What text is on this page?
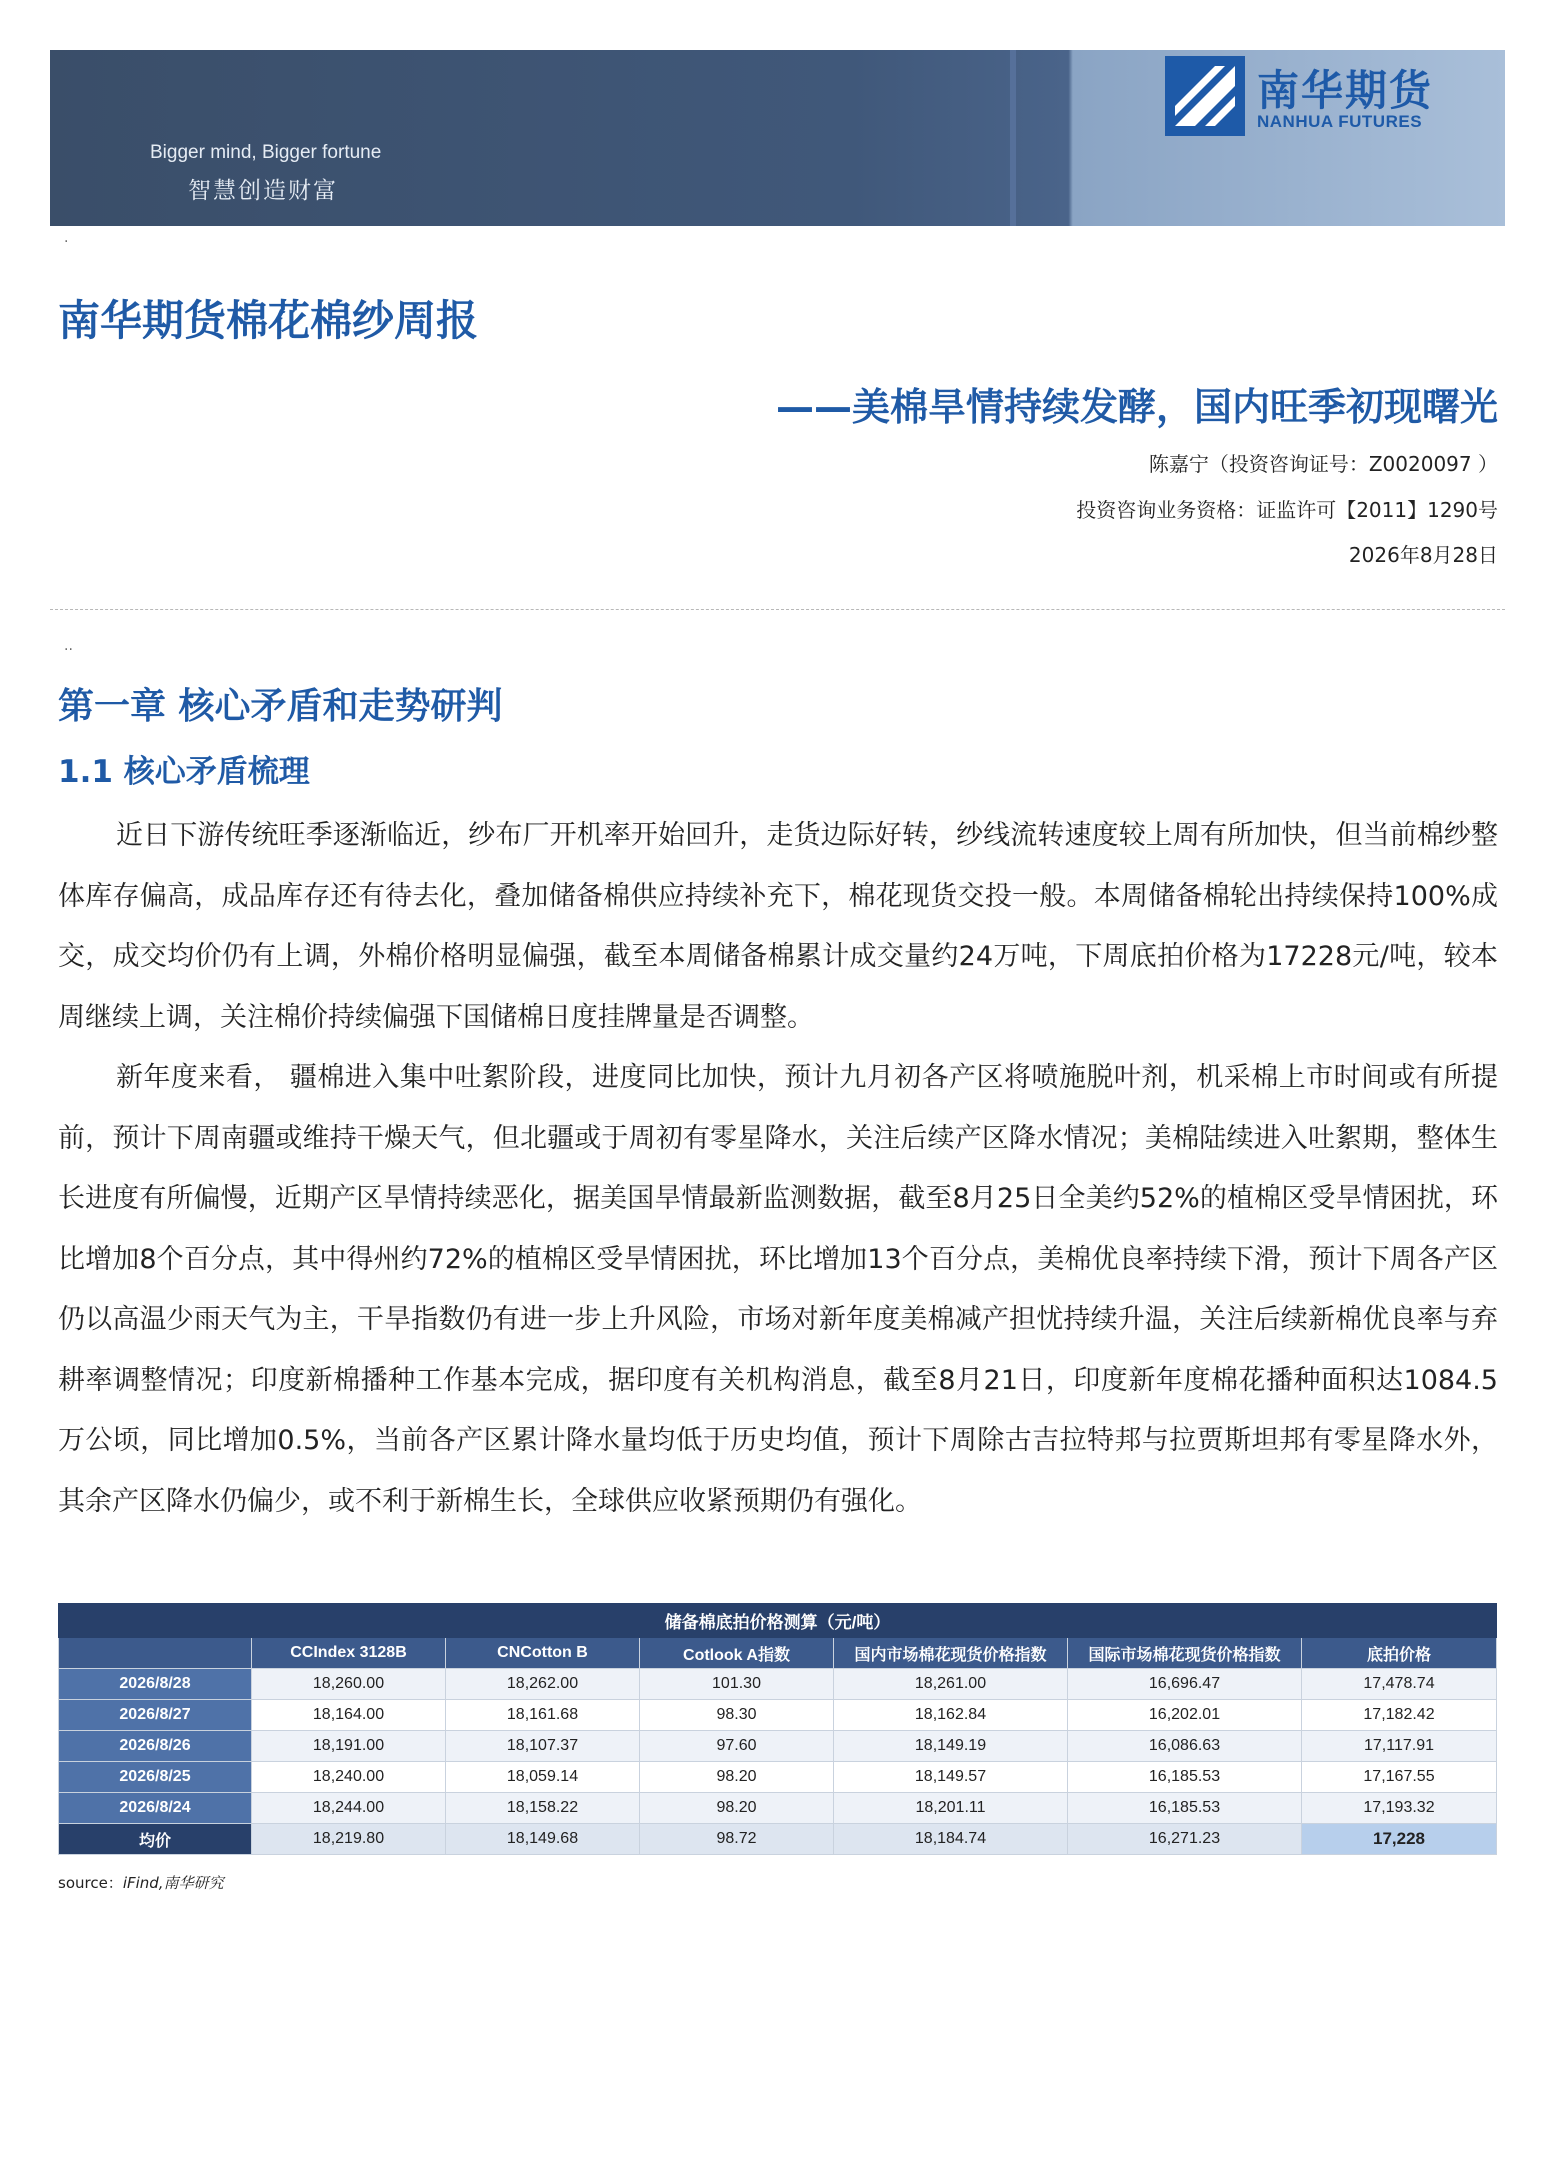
Bigger mind, Bigger fortune
智慧创造财富
南华期货
NANHUA FUTURES
.
南华期货棉花棉纱周报
——美棉旱情持续发酵，国内旺季初现曙光
陈嘉宁（投资咨询证号：Z0020097 ）
投资咨询业务资格：证监许可【2011】1290号
2026年8月28日
..
第一章 核心矛盾和走势研判
1.1 核心矛盾梳理

近日下游传统旺季逐渐临近，纱布厂开机率开始回升，走货边际好转，纱线流转速度较上周有所加快，但当前棉纱整体库存偏高，成品库存还有待去化，叠加储备棉供应持续补充下，棉花现货交投一般。本周储备棉轮出持续保持100%成交，成交均价仍有上调，外棉价格明显偏强，截至本周储备棉累计成交量约24万吨，下周底拍价格为17228元/吨，较本周继续上调，关注棉价持续偏强下国储棉日度挂牌量是否调整。

新年度来看， 疆棉进入集中吐絮阶段，进度同比加快，预计九月初各产区将喷施脱叶剂，机采棉上市时间或有所提前，预计下周南疆或维持干燥天气，但北疆或于周初有零星降水，关注后续产区降水情况；美棉陆续进入吐絮期，整体生长进度有所偏慢，近期产区旱情持续恶化，据美国旱情最新监测数据，截至8月25日全美约52%的植棉区受旱情困扰，环比增加8个百分点，其中得州约72%的植棉区受旱情困扰，环比增加13个百分点，美棉优良率持续下滑，预计下周各产区仍以高温少雨天气为主，干旱指数仍有进一步上升风险，市场对新年度美棉减产担忧持续升温，关注后续新棉优良率与弃耕率调整情况；印度新棉播种工作基本完成，据印度有关机构消息，截至8月21日，印度新年度棉花播种面积达1084.5万公顷，同比增加0.5%，当前各产区累计降水量均低于历史均值，预计下周除古吉拉特邦与拉贾斯坦邦有零星降水外，其余产区降水仍偏少，或不利于新棉生长，全球供应收紧预期仍有强化。

储备棉底拍价格测算（元/吨）						
	CCIndex 3128B	CNCotton B	Cotlook A指数	国内市场棉花现货价格指数	国际市场棉花现货价格指数	底拍价格
2026/8/28	18,260.00	18,262.00	101.30	18,261.00	16,696.47	17,478.74
2026/8/27	18,164.00	18,161.68	98.30	18,162.84	16,202.01	17,182.42
2026/8/26	18,191.00	18,107.37	97.60	18,149.19	16,086.63	17,117.91
2026/8/25	18,240.00	18,059.14	98.20	18,149.57	16,185.53	17,167.55
2026/8/24	18,244.00	18,158.22	98.20	18,201.11	16,185.53	17,193.32
均价	18,219.80	18,149.68	98.72	18,184.74	16,271.23	17,228
source：iFind,南华研究
